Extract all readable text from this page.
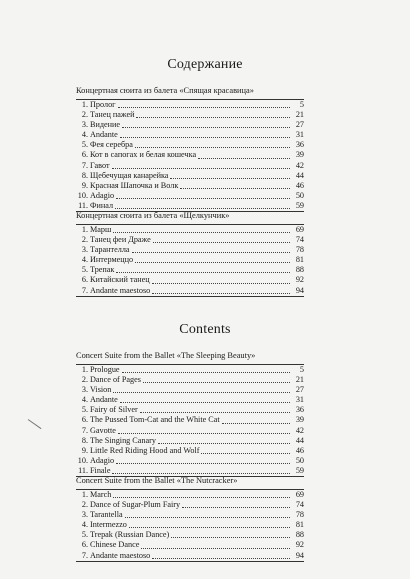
Содержание
Концертная сюита из балета «Спящая красавица»
1. Пролог	5
2. Танец пажей	21
3. Видение	27
4. Andante	31
5. Фея серебра	36
6. Кот в сапогах и белая кошечка	39
7. Гавот	42
8. Щебечущая канарейка	44
9. Красная Шапочка и Волк	46
10. Adagio	50
11. Финал	59
Концертная сюита из балета «Щелкунчик»
1. Марш	69
2. Танец феи Драже	74
3. Тарантелла	78
4. Интермеццо	81
5. Трепак	88
6. Китайский танец	92
7. Andante maestoso	94
Contents
Concert Suite from the Ballet «The Sleeping Beauty»
1. Prologue	5
2. Dance of Pages	21
3. Vision	27
4. Andante	31
5. Fairy of Silver	36
6. The Pussed Tom-Cat and the White Cat	39
7. Gavotte	42
8. The Singing Canary	44
9. Little Red Riding Hood and Wolf	46
10. Adagio	50
11. Finale	59
Concert Suite from the Ballet «The Nutcracker»
1. March	69
2. Dance of Sugar-Plum Fairy	74
3. Tarantella	78
4. Intermezzo	81
5. Trepak (Russian Dance)	88
6. Chinese Dance	92
7. Andante maestoso	94
